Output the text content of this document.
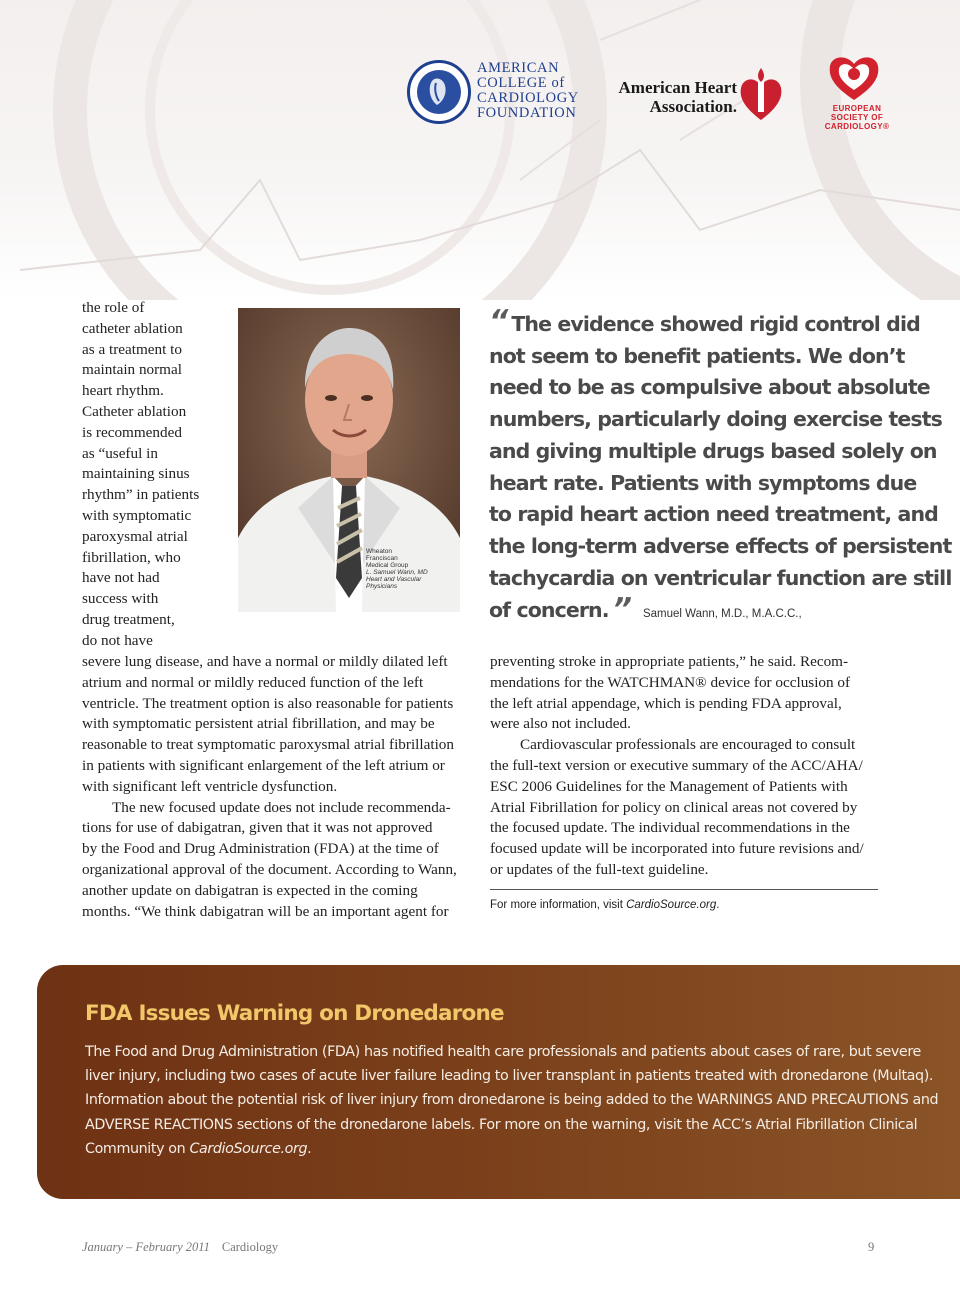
AMERICAN
COLLEGE of
CARDIOLOGY
FOUNDATION
American Heart
Association.	EUROPEAN
SOCIETY OF
CARDIOLOGY®
the role of
catheter ablation
as a treatment to
maintain normal
heart rhythm.
Catheter ablation
is recommended
as “useful in
maintaining sinus
rhythm” in patients
with symptomatic
paroxysmal atrial
fibrillation, who
have not had
success with
drug treatment,
do not have
Wheaton
Franciscan
Medical Group
L. Samuel Wann, MD
Heart and Vascular Physicians
“ The evidence showed rigid control did
not seem to benefit patients. We don’t
need to be as compulsive about absolute
numbers, particularly doing exercise tests
and giving multiple drugs based solely on
heart rate. Patients with symptoms due
to rapid heart action need treatment, and
the long-term adverse effects of persistent
tachycardia on ventricular function are still
of concern. ” Samuel Wann, M.D., M.A.C.C.,
severe lung disease, and have a normal or mildly dilated left
atrium and normal or mildly reduced function of the left
ventricle. The treatment option is also reasonable for patients
with symptomatic persistent atrial fibrillation, and may be
reasonable to treat symptomatic paroxysmal atrial fibrillation
in patients with significant enlargement of the left atrium or
with significant left ventricle dysfunction.
The new focused update does not include recommenda-
tions for use of dabigatran, given that it was not approved
by the Food and Drug Administration (FDA) at the time of
organizational approval of the document. According to Wann,
another update on dabigatran is expected in the coming
months. “We think dabigatran will be an important agent for
preventing stroke in appropriate patients,” he said. Recom-
mendations for the WATCHMAN® device for occlusion of
the left atrial appendage, which is pending FDA approval,
were also not included.
Cardiovascular professionals are encouraged to consult
the full-text version or executive summary of the ACC/AHA/
ESC 2006 Guidelines for the Management of Patients with
Atrial Fibrillation for policy on clinical areas not covered by
the focused update. The individual recommendations in the
focused update will be incorporated into future revisions and/
or updates of the full-text guideline.
For more information, visit CardioSource.org.
FDA Issues Warning on Dronedarone
The Food and Drug Administration (FDA) has notified health care professionals and patients about cases of rare, but severe
liver injury, including two cases of acute liver failure leading to liver transplant in patients treated with dronedarone (Multaq).
Information about the potential risk of liver injury from dronedarone is being added to the WARNINGS AND PRECAUTIONS and
ADVERSE REACTIONS sections of the dronedarone labels. For more on the warning, visit the ACC’s Atrial Fibrillation Clinical
Community on CardioSource.org.
January – February 2011 Cardiology	9
